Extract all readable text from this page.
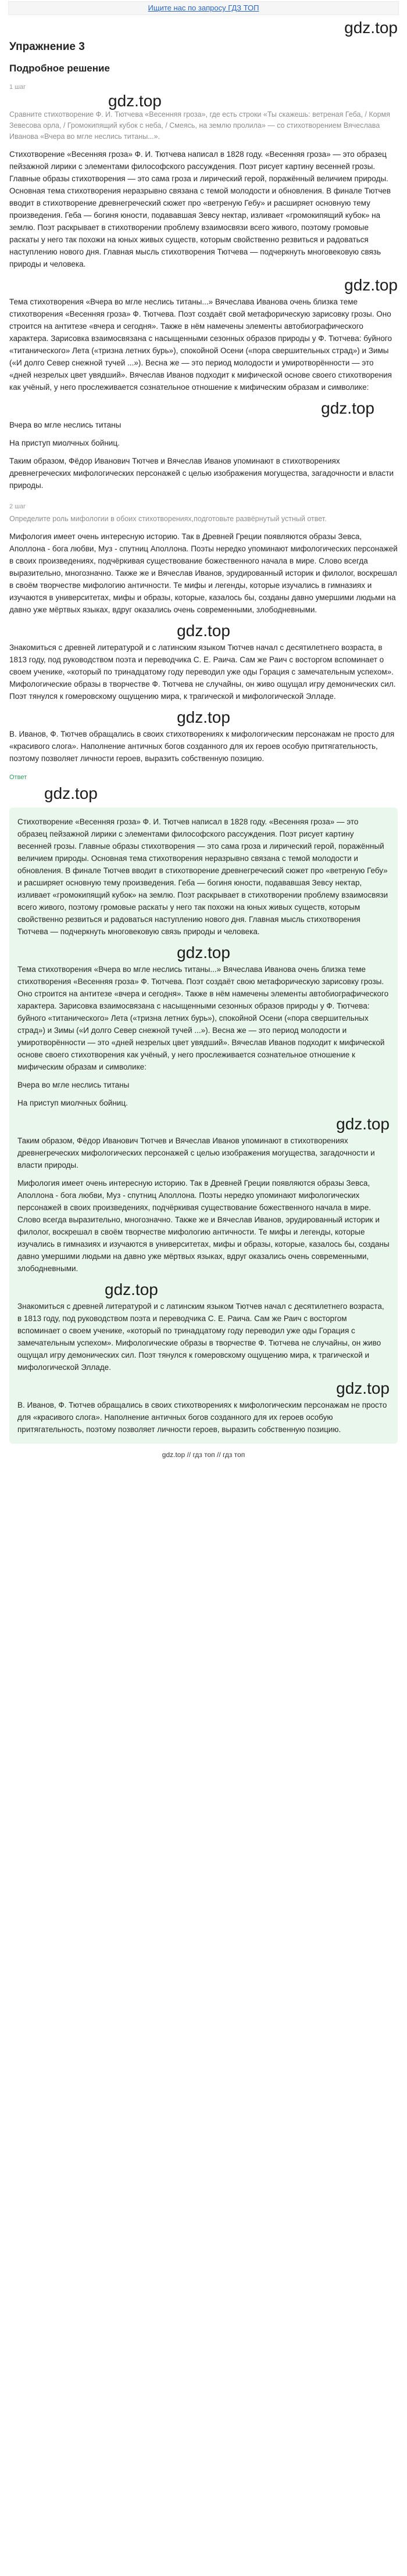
Ищите нас по запросу ГДЗ ТОП
gdz.top
Упражнение 3
Подробное решение
1 шаг
gdz.top
Сравните стихотворение Ф. И. Тютчева «Весенняя гроза», где есть строки «Ты скажешь: ветреная Геба, / Кормя Зевесова орла, / Громокипящий кубок с неба, / Смеясь, на землю пролила» — со стихотворением Вячеслава Иванова «Вчера во мгле неслись титаны...».

Стихотворение «Весенняя гроза» Ф. И. Тютчева написал в 1828 году. «Весенняя гроза» — это образец пейзажной лирики с элементами философского рассуждения. Поэт рисует картину весенней грозы. Главные образы стихотворения — это сама гроза и лирический герой, поражённый величием природы. Основная тема стихотворения неразрывно связана с темой молодости и обновления. В финале Тютчев вводит в стихотворение древнегреческий сюжет про «ветреную Гебу» и расширяет основную тему произведения. Геба — богиня юности, подававшая Зевсу нектар, изливает «громокипящий кубок» на землю. Поэт раскрывает в стихотворении проблему взаимосвязи всего живого, поэтому громовые раскаты у него так похожи на юных живых существ, которым свойственно резвиться и радоваться наступлению нового дня. Главная мысль стихотворения Тютчева — подчеркнуть многовековую связь природы и человека.

gdz.top

Тема стихотворения «Вчера во мгле неслись титаны...» Вячеслава Иванова очень близка теме стихотворения «Весенняя гроза» Ф. Тютчева. Поэт создаёт свой метафорическую зарисовку грозы. Оно строится на антитезе «вчера и сегодня». Также в нём намечены элементы автобиографического характера. Зарисовка взаимосвязана с насыщенными сезонных образов природы у Ф. Тютчева: буйного «титанического» Лета («тризна летних бурь»), спокойной Осени («пора свершительных страд») и Зимы («И долго Север снежной тучей ...»). Весна же — это период молодости и умиротворённости — это «дней незрелых цвет увядший». Вячеслав Иванов подходит к мифической основе своего стихотворения как учёный, у него прослеживается сознательное отношение к мифическим образам и символике:

gdz.top

Вчера во мгле неслись титаны

На приступ миолчных бойниц.

Таким образом, Фёдор Иванович Тютчев и Вячеслав Иванов упоминают в стихотворениях древнегреческих мифологических персонажей с целью изображения могущества, загадочности и власти природы.

2 шаг
Определите роль мифологии в обоих стихотворениях,подготовьте развёрнутый устный ответ.

Мифология имеет очень интересную историю. Так в Древней Греции появляются образы Зевса, Аполлона - бога любви, Муз - спутниц Аполлона. Поэты нередко упоминают мифологических персонажей в своих произведениях, подчёркивая существование божественного начала в мире. Слово всегда выразительно, многозначно. Также же и Вячеслав Иванов, эрудированный историк и филолог, воскрешал в своём творчестве мифологию античности. Те мифы и легенды, которые изучались в гимназиях и изучаются в университетах, мифы и образы, которые, казалось бы, созданы давно умершими людьми на давно уже мёртвых языках, вдруг оказались очень современными, злободневными.

gdz.top

Знакомиться с древней литературой и с латинским языком Тютчев начал с десятилетнего возраста, в 1813 году, под руководством поэта и переводчика С. Е. Раича. Сам же Раич с восторгом вспоминает о своем ученике, «который по тринадцатому году переводил уже оды Горация с замечательным успехом». Мифологические образы в творчестве Ф. Тютчева не случайны, он живо ощущал игру демонических сил. Поэт тянулся к гомеровскому ощущению мира, к трагической и мифологической Элладе.

gdz.top

В. Иванов, Ф. Тютчев обращались в своих стихотворениях к мифологическим персонажам не просто для «красивого слога». Наполнение античных богов созданного для их героев особую притягательность, поэтому позволяет личности героев, выразить собственную позицию.

Ответ
gdz.top

Стихотворение «Весенняя гроза» Ф. И. Тютчев написал в 1828 году. «Весенняя гроза» — это образец пейзажной лирики с элементами философского рассуждения. Поэт рисует картину весенней грозы. Главные образы стихотворения — это сама гроза и лирический герой, поражённый величием природы. Основная тема стихотворения неразрывно связана с темой молодости и обновления. В финале Тютчев вводит в стихотворение древнегреческий сюжет про «ветреную Гебу» и расширяет основную тему произведения. Геба — богиня юности, подававшая Зевсу нектар, изливает «громокипящий кубок» на землю. Поэт раскрывает в стихотворении проблему взаимосвязи всего живого, поэтому громовые раскаты у него так похожи на юных живых существ, которым свойственно резвиться и радоваться наступлению нового дня. Главная мысль стихотворения Тютчева — подчеркнуть многовековую связь природы и человека.

gdz.top

Тема стихотворения «Вчера во мгле неслись титаны...» Вячеслава Иванова очень близка теме стихотворения «Весенняя гроза» Ф. Тютчева. Поэт создаёт свою метафорическую зарисовку грозы. Оно строится на антитезе «вчера и сегодня». Также в нём намечены элементы автобиографического характера. Зарисовка взаимосвязана с насыщенными сезонных образов природы у Ф. Тютчева: буйного «титанического» Лета («тризна летних бурь»), спокойной Осени («пора свершительных страд») и Зимы («И долго Север снежной тучей ...»). Весна же — это период молодости и умиротворённости — это «дней незрелых цвет увядший». Вячеслав Иванов подходит к мифической основе своего стихотворения как учёный, у него прослеживается сознательное отношение к мифическим образам и символике:

Вчера во мгле неслись титаны

На приступ миолчных бойниц.

gdz.top

Таким образом, Фёдор Иванович Тютчев и Вячеслав Иванов упоминают в стихотворениях древнегреческих мифологических персонажей с целью изображения могущества, загадочности и власти природы.

Мифология имеет очень интересную историю. Так в Древней Греции появляются образы Зевса, Аполлона - бога любви, Муз - спутниц Аполлона. Поэты нередко упоминают мифологических персонажей в своих произведениях, подчёркивая существование божественного начала в мире. Слово всегда выразительно, многозначно. Также же и Вячеслав Иванов, эрудированный историк и филолог, воскрешал в своём творчестве мифологию античности. Те мифы и легенды, которые изучались в гимназиях и изучаются в университетах, мифы и образы, которые, казалось бы, созданы давно умершими людьми на давно уже мёртвых языках, вдруг оказались очень современными, злободневными.

gdz.top

Знакомиться с древней литературой и с латинским языком Тютчев начал с десятилетнего возраста, в 1813 году, под руководством поэта и переводчика С. Е. Раича. Сам же Раич с восторгом вспоминает о своем ученике, «который по тринадцатому году переводил уже оды Горация с замечательным успехом». Мифологические образы в творчестве Ф. Тютчева не случайны, он живо ощущал игру демонических сил. Поэт тянулся к гомеровскому ощущению мира, к трагической и мифологической Элладе.

gdz.top

В. Иванов, Ф. Тютчев обращались в своих стихотворениях к мифологическим персонажам не просто для «красивого слога». Наполнение античных богов созданного для их героев особую притягательность, поэтому позволяет личности героев, выразить собственную позицию.

gdz.top // гдз топ // гдз топ
